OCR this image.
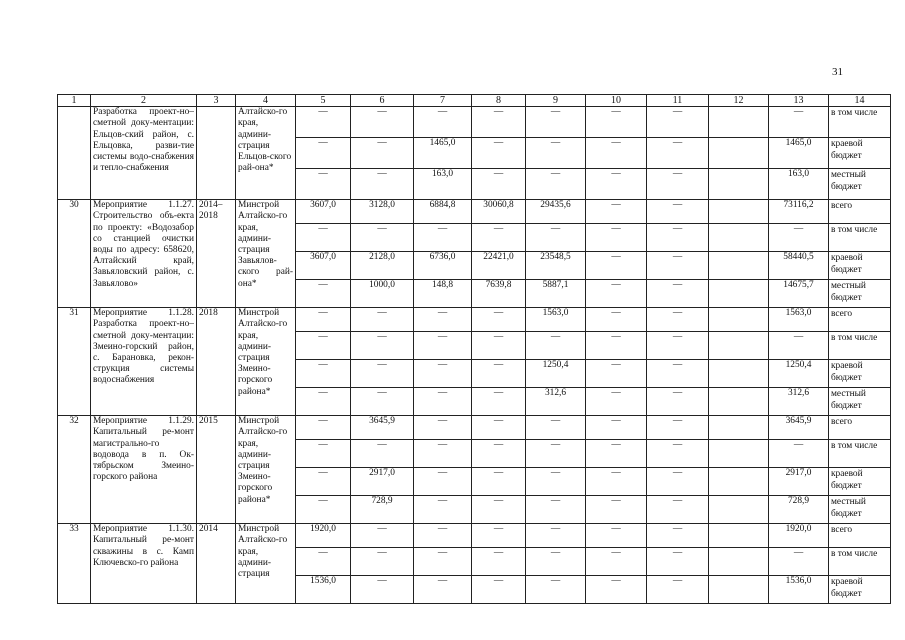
31
1	2	3	4	5	6	7	8	9	10	11	12	13	14
	Разработка проект-но–сметной доку-ментации: Ельцов-ский район, с. Ельцовка, разви-тие системы водо-снабжения и тепло-снабжения		Алтайско-го края, админи-страция Ельцов-ского рай-она*	—	—	—	—	—	—	—		—	в том числе
				—	—	1465,0	—	—	—	—		1465,0	краевой бюджет
				—	—	163,0	—	—	—	—		163,0	местный бюджет
30	Мероприятие 1.1.27. Строительство объ-екта по проекту: «Водозабор со станцией очистки воды по адресу: 658620, Алтайский край, Завьяловский район, с. Завьялово»	2014–2018	Минстрой Алтайско-го края, админи-страция Завьялов-ского рай-она*	3607,0	3128,0	6884,8	30060,8	29435,6	—	—		73116,2	всего
				—	—	—	—	—	—	—		—	в том числе
				3607,0	2128,0	6736,0	22421,0	23548,5	—	—		58440,5	краевой бюджет
				—	1000,0	148,8	7639,8	5887,1	—	—		14675,7	местный бюджет
31	Мероприятие 1.1.28. Разработка проект-но–сметной доку-ментации: Змеино-горский район, с. Барановка, рекон-струкция системы водоснабжения	2018	Минстрой Алтайско-го края, админи-страция Змеино-горского района*	—	—	—	—	1563,0	—	—		1563,0	всего
				—	—	—	—	—	—	—		—	в том числе
				—	—	—	—	1250,4	—	—		1250,4	краевой бюджет
				—	—	—	—	312,6	—	—		312,6	местный бюджет
32	Мероприятие 1.1.29. Капитальный ре-монт магистрально-го водовода в п. Ок-тябрьском Змеино-горского района	2015	Минстрой Алтайско-го края, админи-страция Змеино-горского района*	—	3645,9	—	—	—	—	—		3645,9	всего
				—	—	—	—	—	—	—		—	в том числе
				—	2917,0	—	—	—	—	—		2917,0	краевой бюджет
				—	728,9	—	—	—	—	—		728,9	местный бюджет
33	Мероприятие 1.1.30. Капитальный ре-монт скважины в с. Камп Ключевско-го района	2014	Минстрой Алтайско-го края, админи-страция	1920,0	—	—	—	—	—	—		1920,0	всего
				—	—	—	—	—	—	—		—	в том числе
				1536,0	—	—	—	—	—	—		1536,0	краевой бюджет
